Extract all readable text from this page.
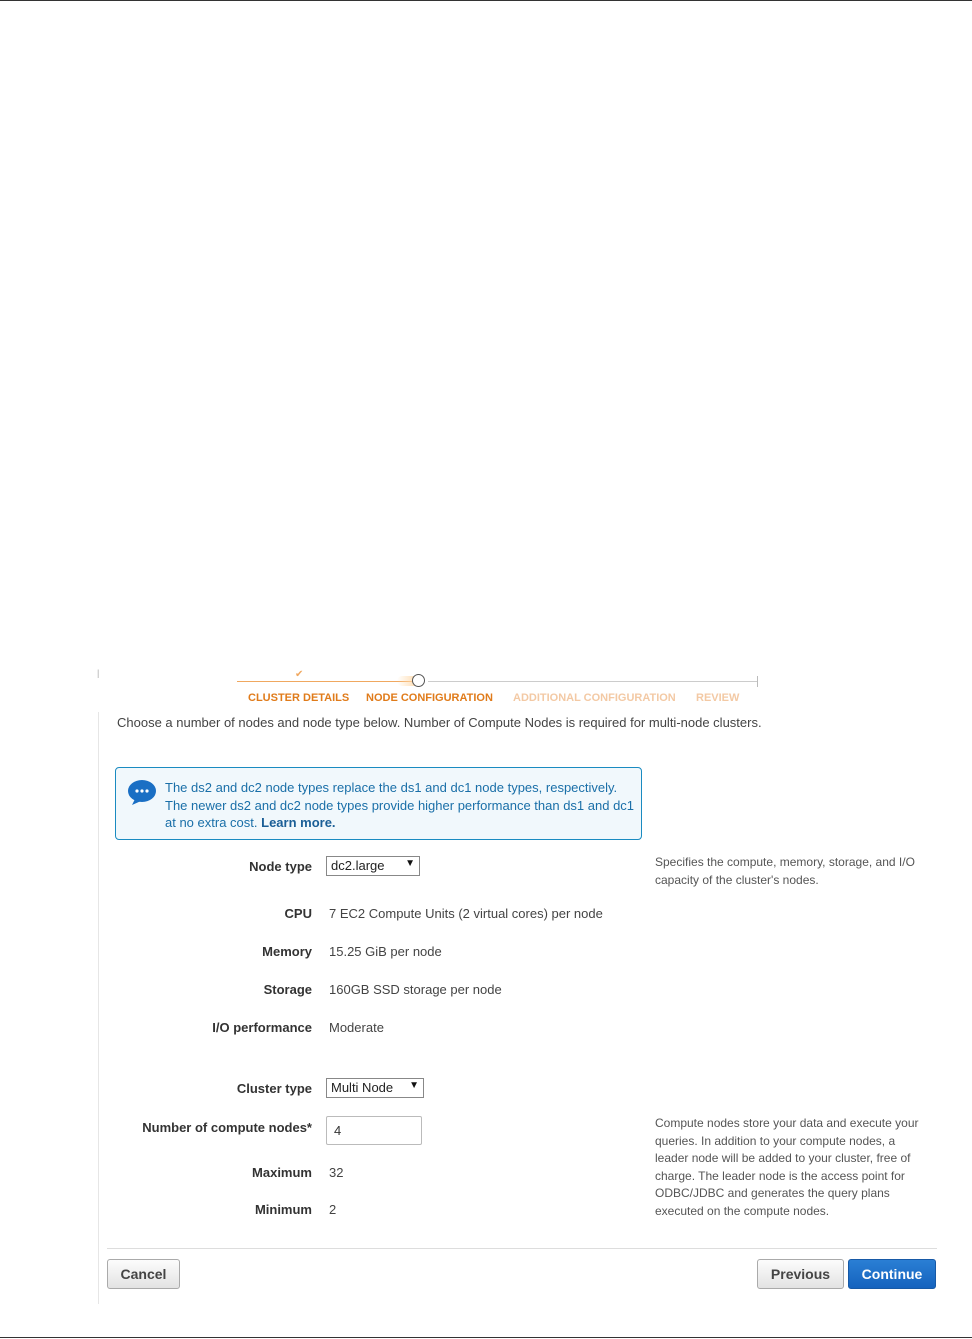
|	✔
CLUSTER DETAILS NODE CONFIGURATION ADDITIONAL CONFIGURATION REVIEW
Choose a number of nodes and node type below. Number of Compute Nodes is required for multi-node clusters.
The ds2 and dc2 node types replace the ds1 and dc1 node types, respectively. The newer ds2 and dc2 node types provide higher performance than ds1 and dc1 at no extra cost. Learn more.
Node type	dc2.large ▼	Specifies the compute, memory, storage, and I/O capacity of the cluster's nodes.
CPU 7 EC2 Compute Units (2 virtual cores) per node
Memory 15.25 GiB per node
Storage 160GB SSD storage per node
I/O performance Moderate
Cluster type	Multi Node ▼
Number of compute nodes*	4	Compute nodes store your data and execute your queries. In addition to your compute nodes, a leader node will be added to your cluster, free of charge. The leader node is the access point for ODBC/JDBC and generates the query plans executed on the compute nodes.
Maximum 32
Minimum 2
Cancel	Previous	Continue
